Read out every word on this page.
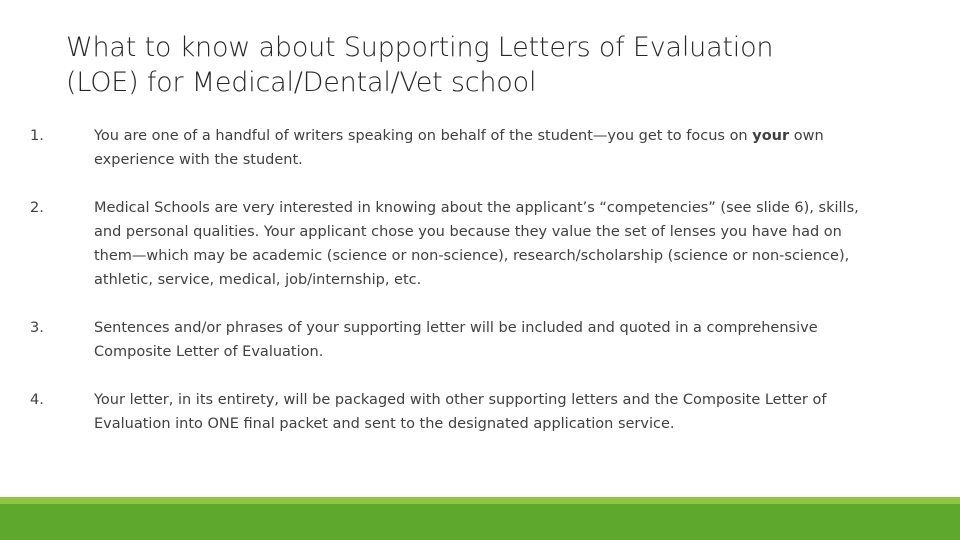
What to know about Supporting Letters of Evaluation
(LOE) for Medical/Dental/Vet school
1.	You are one of a handful of writers speaking on behalf of the student—you get to focus on your own experience with the student.
2.	Medical Schools are very interested in knowing about the applicant’s “competencies” (see slide 6), skills, and personal qualities. Your applicant chose you because they value the set of lenses you have had on them—which may be academic (science or non-science), research/scholarship (science or non-science), athletic, service, medical, job/internship, etc.
3.	Sentences and/or phrases of your supporting letter will be included and quoted in a comprehensive Composite Letter of Evaluation.
4.	Your letter, in its entirety, will be packaged with other supporting letters and the Composite Letter of Evaluation into ONE final packet and sent to the designated application service.
